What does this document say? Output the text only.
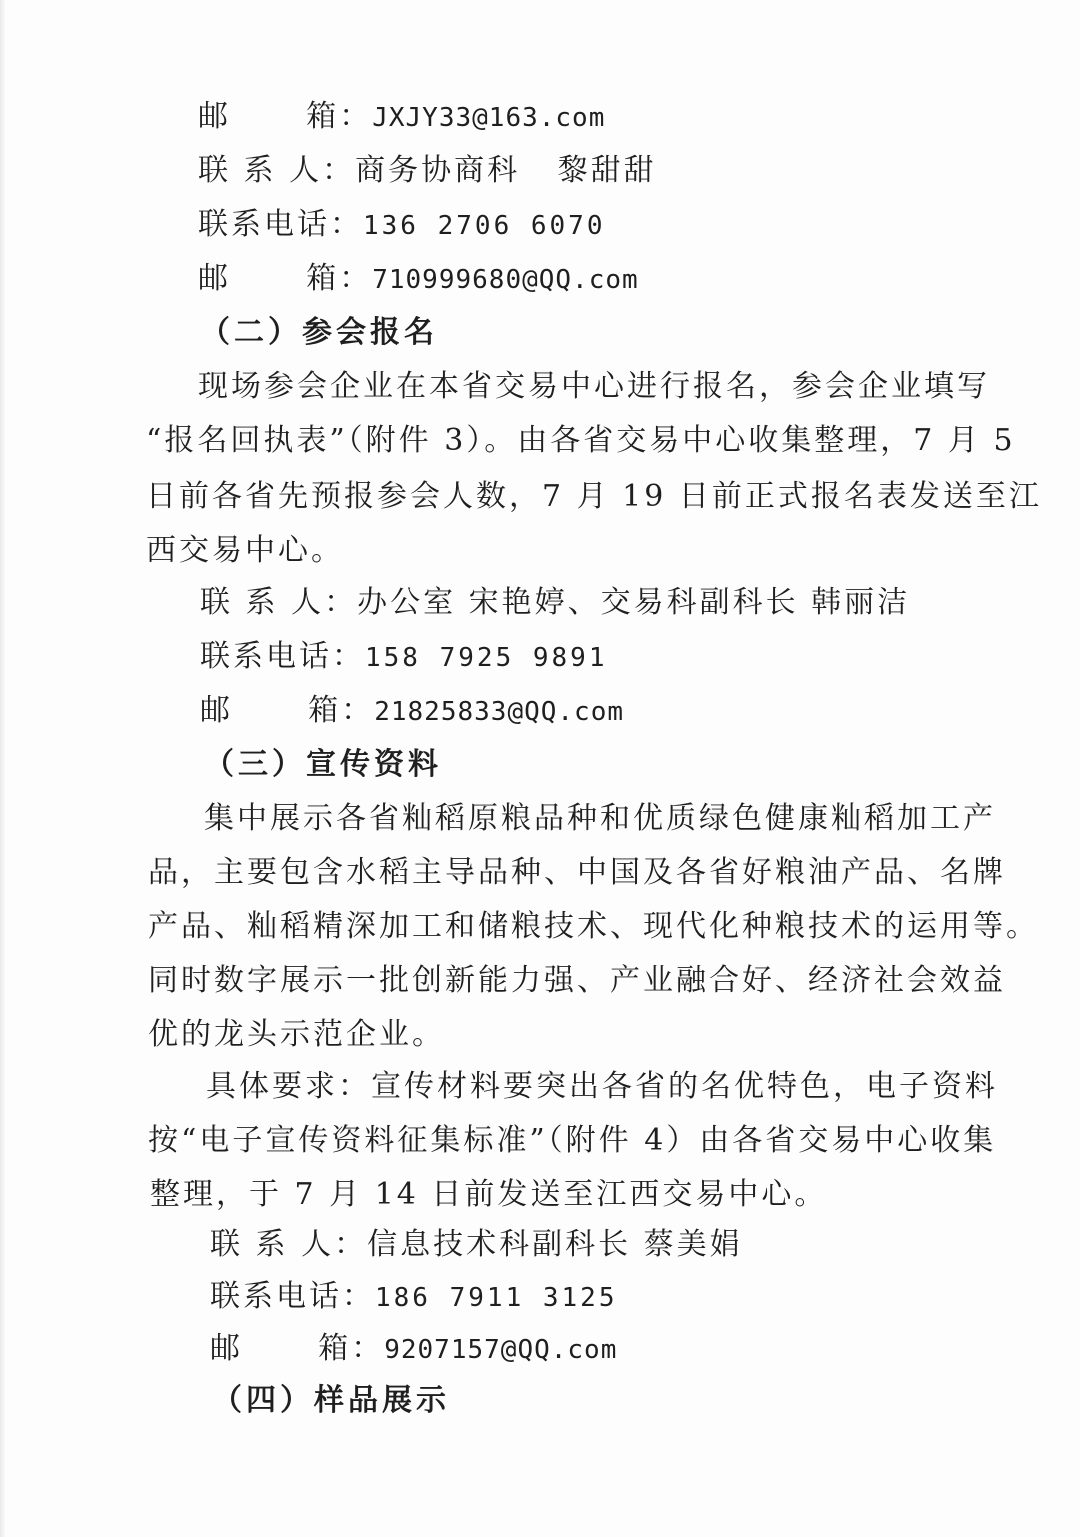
邮      箱：JXJY33@163.com
联 系 人：商务协商科   黎甜甜
联系电话：136 2706 6070
邮      箱：710999680@QQ.com
（二）参会报名
现场参会企业在本省交易中心进行报名，参会企业填写
“报名回执表”（附件 3）。由各省交易中心收集整理，7 月 5
日前各省先预报参会人数，7 月 19 日前正式报名表发送至江
西交易中心。
联 系 人：办公室 宋艳婷、交易科副科长 韩丽洁
联系电话：158 7925 9891
邮      箱：21825833@QQ.com
（三）宣传资料
集中展示各省籼稻原粮品种和优质绿色健康籼稻加工产
品，主要包含水稻主导品种、中国及各省好粮油产品、名牌
产品、籼稻精深加工和储粮技术、现代化种粮技术的运用等。
同时数字展示一批创新能力强、产业融合好、经济社会效益
优的龙头示范企业。
具体要求：宣传材料要突出各省的名优特色，电子资料
按“电子宣传资料征集标准”（附件 4）由各省交易中心收集
整理，于 7 月 14 日前发送至江西交易中心。
联 系 人：信息技术科副科长 蔡美娟
联系电话：186 7911 3125
邮      箱：9207157@QQ.com
（四）样品展示
